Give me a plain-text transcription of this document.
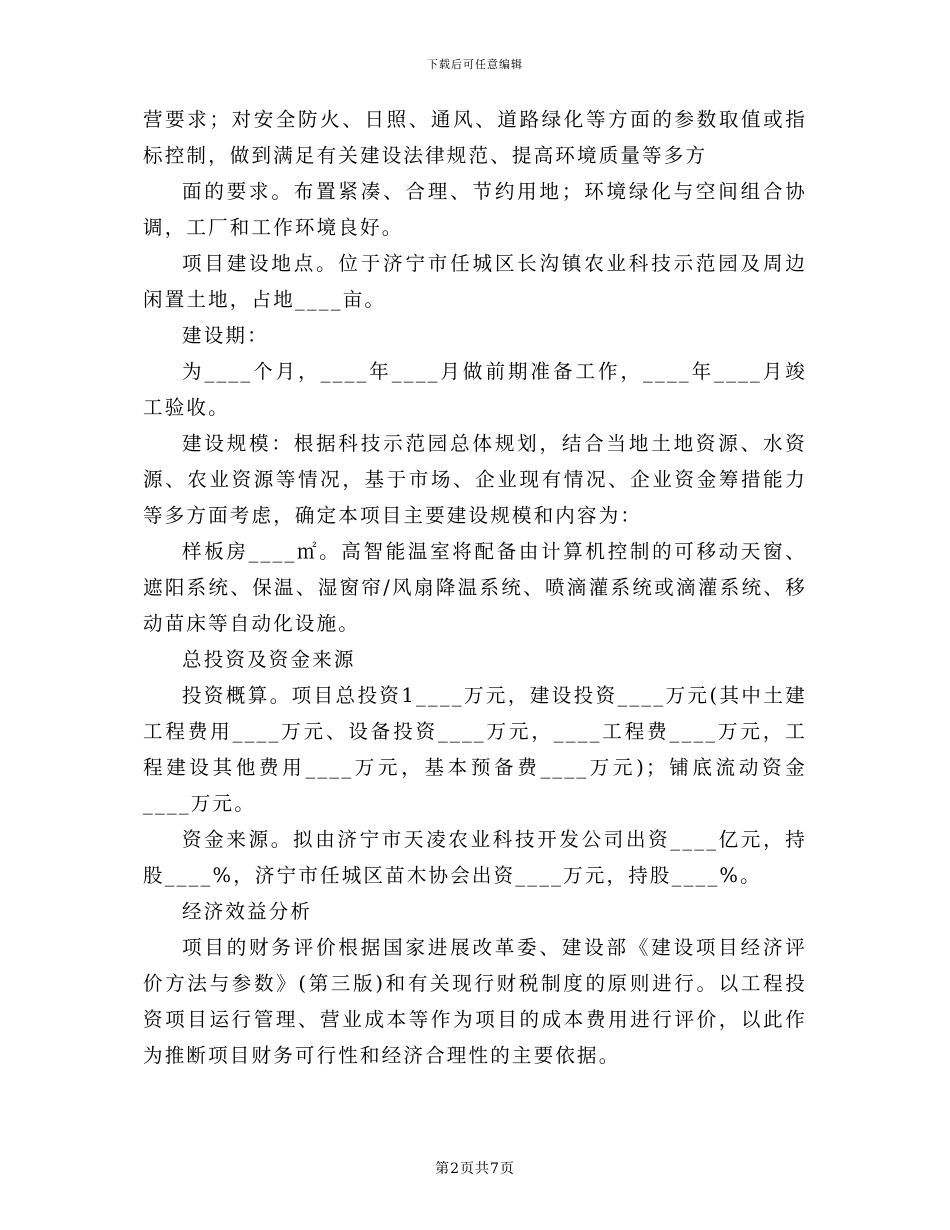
下载后可任意编辑

营要求；对安全防火、日照、通风、道路绿化等方面的参数取值或指标控制，做到满足有关建设法律规范、提高环境质量等多方

面的要求。布置紧凑、合理、节约用地；环境绿化与空间组合协调，工厂和工作环境良好。

项目建设地点。位于济宁市任城区长沟镇农业科技示范园及周边闲置土地，占地____亩。

建设期：

为____个月，____年____月做前期准备工作，____年____月竣工验收。

建设规模：根据科技示范园总体规划，结合当地土地资源、水资源、农业资源等情况，基于市场、企业现有情况、企业资金筹措能力等多方面考虑，确定本项目主要建设规模和内容为：

样板房____㎡。高智能温室将配备由计算机控制的可移动天窗、遮阳系统、保温、湿窗帘/风扇降温系统、喷滴灌系统或滴灌系统、移动苗床等自动化设施。

总投资及资金来源

投资概算。项目总投资1____万元，建设投资____万元(其中土建工程费用____万元、设备投资____万元，____工程费____万元，工程建设其他费用____万元，基本预备费____万元)；铺底流动资金____万元。

资金来源。拟由济宁市天凌农业科技开发公司出资____亿元，持股____%，济宁市任城区苗木协会出资____万元，持股____%。

经济效益分析

项目的财务评价根据国家进展改革委、建设部《建设项目经济评价方法与参数》(第三版)和有关现行财税制度的原则进行。以工程投资项目运行管理、营业成本等作为项目的成本费用进行评价，以此作为推断项目财务可行性和经济合理性的主要依据。

第2页共7页
